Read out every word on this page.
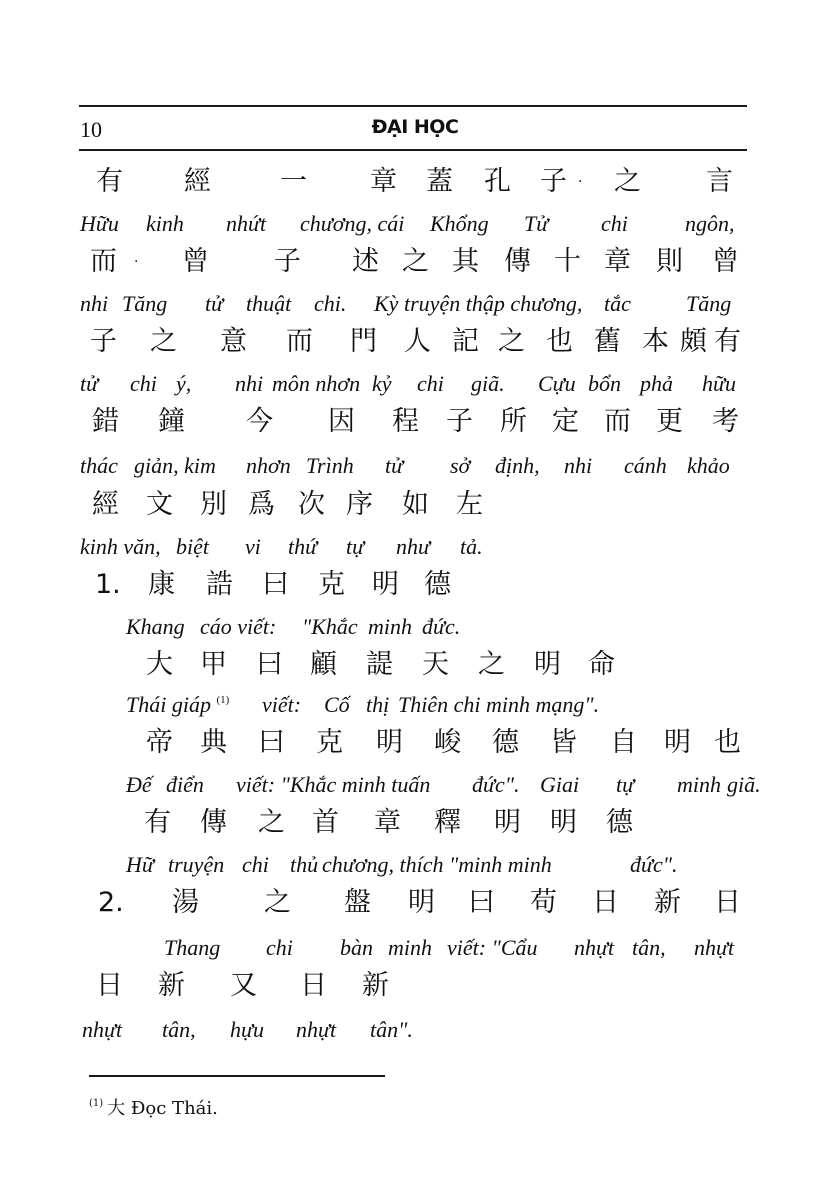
10	ĐẠI HỌC
有 經	一 章 蓋 孔 子 · 之 言
Hữu kinh nhứt chương, cái Khổng Tử chi	ngôn,
而 · 曾 子 述 之 其 傳 十 章 則 曾
nhi Tăng tử thuật chi. Kỳ truyện thập chương, tắc	Tăng
子 之 意 而 門 人 記 之 也 舊 本 頗 有
tử chi ý, nhi môn nhơn kỷ chi giã. Cựu bổn phả hữu
錯 鐘 今 因 程 子 所 定 而 更 考
thác giản, kim nhơn Trình tử sở định, nhi cánh khảo
經 文 別 爲 次 序 如 左
kinh văn, biệt vi thứ tự như tả.
1. 康 誥 曰 克 明 德
Khang cáo viết: "Khắc minh đức.
大 甲 曰 顧 諟 天 之 明 命
Thái giáp $^{(1)}$ viết: Cố thị Thiên chi minh mạng".
帝 典 曰 克 明 峻 德 皆 自 明 也
Đế điển viết: "Khắc minh tuấn đức". Giai tự minh giã.
有 傳 之 首 章 釋 明 明 德
Hữ truyện chi thủ chương, thích "minh minh	đức".
2. 湯 之 盤 明 曰 苟 日 新 日
Thang chi bàn minh viết: "Cẩu nhựt tân, nhựt
日 新 又 日 新
nhựt tân, hựu nhựt tân".
$^{(1)}$ 大 Đọc Thái.
